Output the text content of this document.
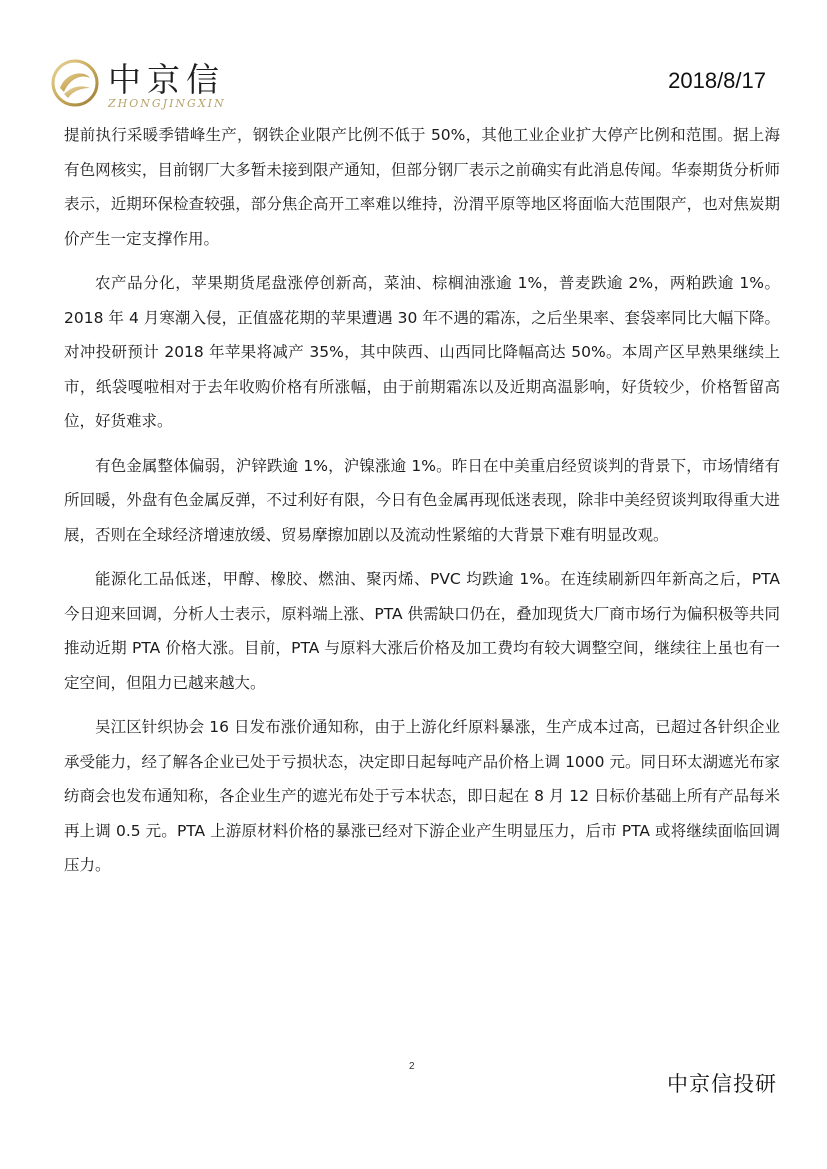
中京信
ZHONGJINGXIN
2018/8/17

提前执行采暖季错峰生产，钢铁企业限产比例不低于 50%，其他工业企业扩大停产比例和范围。据上海有色网核实，目前钢厂大多暂未接到限产通知，但部分钢厂表示之前确实有此消息传闻。华泰期货分析师表示，近期环保检查较强，部分焦企高开工率难以维持，汾渭平原等地区将面临大范围限产，也对焦炭期价产生一定支撑作用。

农产品分化，苹果期货尾盘涨停创新高，菜油、棕榈油涨逾 1%，普麦跌逾 2%，两粕跌逾 1%。2018 年 4 月寒潮入侵，正值盛花期的苹果遭遇 30 年不遇的霜冻，之后坐果率、套袋率同比大幅下降。对冲投研预计 2018 年苹果将减产 35%，其中陕西、山西同比降幅高达 50%。本周产区早熟果继续上市，纸袋嘎啦相对于去年收购价格有所涨幅，由于前期霜冻以及近期高温影响，好货较少，价格暂留高位，好货难求。

有色金属整体偏弱，沪锌跌逾 1%，沪镍涨逾 1%。昨日在中美重启经贸谈判的背景下，市场情绪有所回暖，外盘有色金属反弹，不过利好有限，今日有色金属再现低迷表现，除非中美经贸谈判取得重大进展，否则在全球经济增速放缓、贸易摩擦加剧以及流动性紧缩的大背景下难有明显改观。

能源化工品低迷，甲醇、橡胶、燃油、聚丙烯、PVC 均跌逾 1%。在连续刷新四年新高之后，PTA 今日迎来回调，分析人士表示，原料端上涨、PTA 供需缺口仍在，叠加现货大厂商市场行为偏积极等共同推动近期 PTA 价格大涨。目前，PTA 与原料大涨后价格及加工费均有较大调整空间，继续往上虽也有一定空间，但阻力已越来越大。

吴江区针织协会 16 日发布涨价通知称，由于上游化纤原料暴涨，生产成本过高，已超过各针织企业承受能力，经了解各企业已处于亏损状态，决定即日起每吨产品价格上调 1000 元。同日环太湖遮光布家纺商会也发布通知称，各企业生产的遮光布处于亏本状态，即日起在 8 月 12 日标价基础上所有产品每米再上调 0.5 元。PTA 上游原材料价格的暴涨已经对下游企业产生明显压力，后市 PTA 或将继续面临回调压力。

2
中京信投研
